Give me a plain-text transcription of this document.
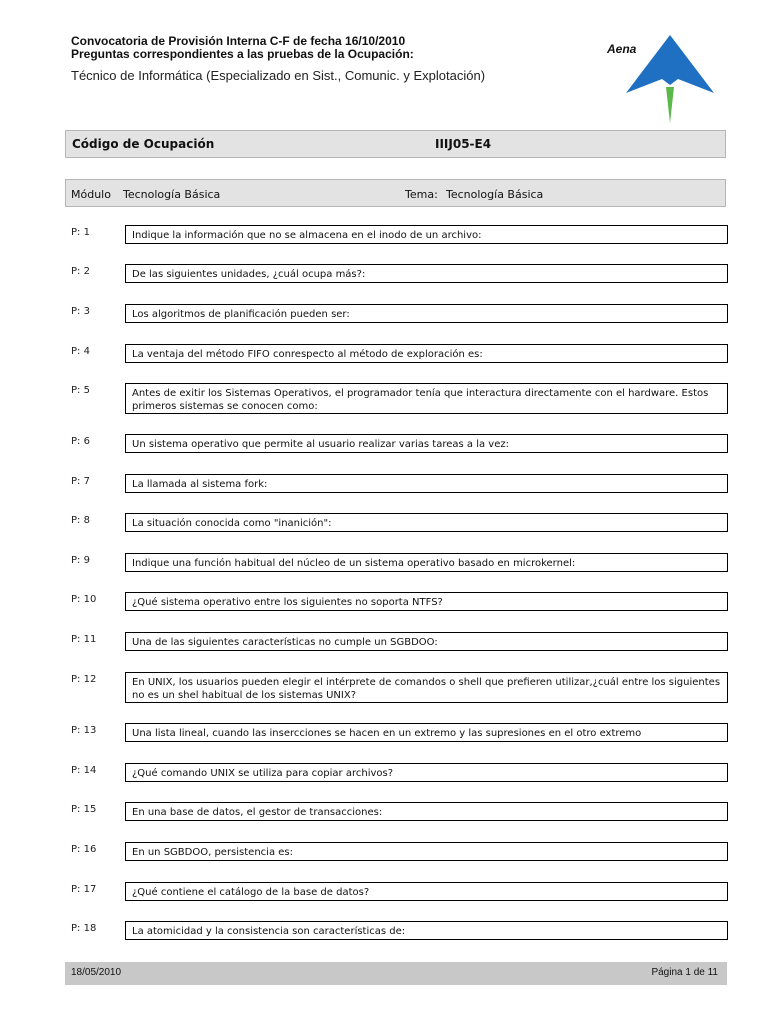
Convocatoria de Provisión Interna C-F de fecha 16/10/2010
Preguntas correspondientes a las pruebas de la Ocupación:
Técnico de Informática (Especializado en Sist., Comunic. y Explotación)
Aena
Código de Ocupación	IIIJ05-E4
Módulo Tecnología Básica	Tema: Tecnología Básica
P: 1	Indique la información que no se almacena en el inodo de un archivo:
P: 2	De las siguientes unidades, ¿cuál ocupa más?:
P: 3	Los algoritmos de planificación pueden ser:
P: 4	La ventaja del método FIFO conrespecto al método de exploración es:
P: 5	Antes de exitir los Sistemas Operativos, el programador tenía que interactura directamente con el hardware. Estos primeros sistemas se conocen como:
P: 6	Un sistema operativo que permite al usuario realizar varias tareas a la vez:
P: 7	La llamada al sistema fork:
P: 8	La situación conocida como "inanición":
P: 9	Indique una función habitual del núcleo de un sistema operativo basado en microkernel:
P: 10	¿Qué sistema operativo entre los siguientes no soporta NTFS?
P: 11	Una de las siguientes características no cumple un SGBDOO:
P: 12	En UNIX, los usuarios pueden elegir el intérprete de comandos o shell que prefieren utilizar,¿cuál entre los siguientes no es un shel habitual de los sistemas UNIX?
P: 13	Una lista lineal, cuando las insercciones se hacen en un extremo y las supresiones en el otro extremo
P: 14	¿Qué comando UNIX se utiliza para copiar archivos?
P: 15	En una base de datos, el gestor de transacciones:
P: 16	En un SGBDOO, persistencia es:
P: 17	¿Qué contiene el catálogo de la base de datos?
P: 18	La atomicidad y la consistencia son características de:
18/05/2010	Página 1 de 11
